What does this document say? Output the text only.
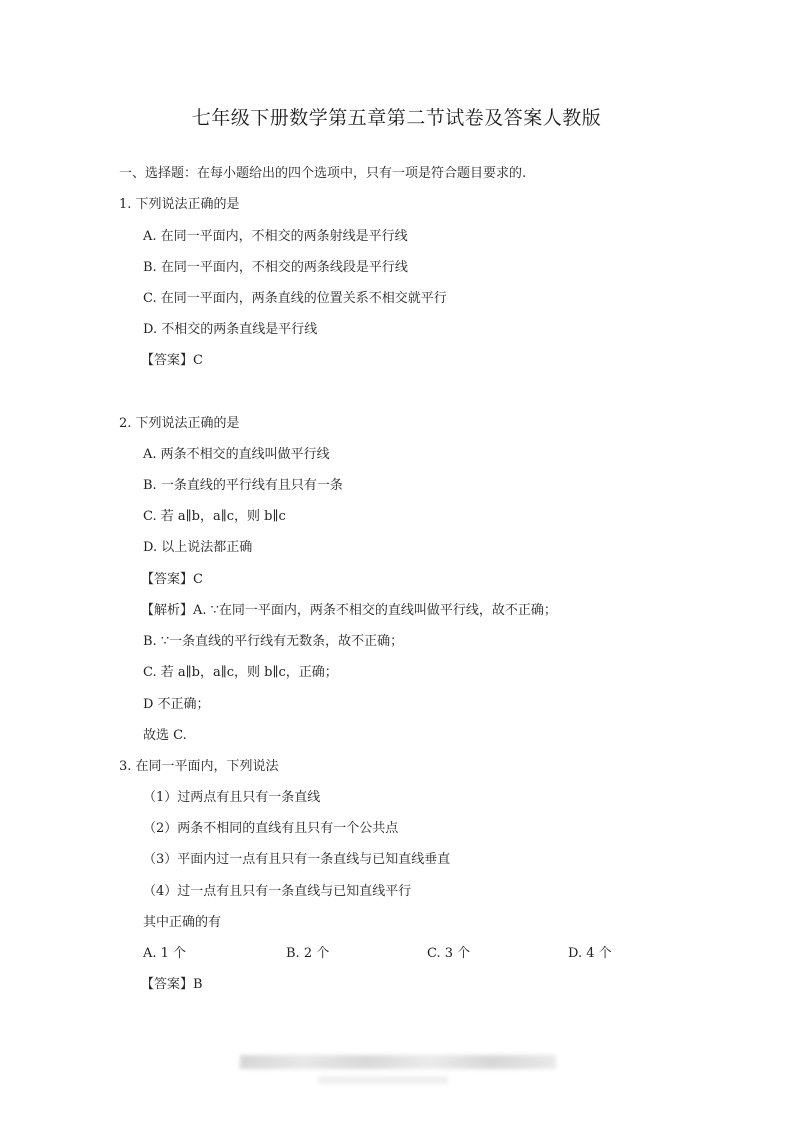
七年级下册数学第五章第二节试卷及答案人教版
一、选择题：在每小题给出的四个选项中，只有一项是符合题目要求的.
1. 下列说法正确的是
A. 在同一平面内，不相交的两条射线是平行线
B. 在同一平面内，不相交的两条线段是平行线
C. 在同一平面内，两条直线的位置关系不相交就平行
D. 不相交的两条直线是平行线
【答案】C
2. 下列说法正确的是
A. 两条不相交的直线叫做平行线
B. 一条直线的平行线有且只有一条
C. 若 a∥b，a∥c，则 b∥c
D. 以上说法都正确
【答案】C
【解析】A. ∵在同一平面内，两条不相交的直线叫做平行线，故不正确；
B. ∵一条直线的平行线有无数条，故不正确；
C. 若 a∥b，a∥c，则 b∥c，正确；
D 不正确；
故选 C.
3. 在同一平面内，下列说法
（1）过两点有且只有一条直线
（2）两条不相同的直线有且只有一个公共点
（3）平面内过一点有且只有一条直线与已知直线垂直
（4）过一点有且只有一条直线与已知直线平行
其中正确的有
A. 1 个	B. 2 个	C. 3 个	D. 4 个
【答案】B
